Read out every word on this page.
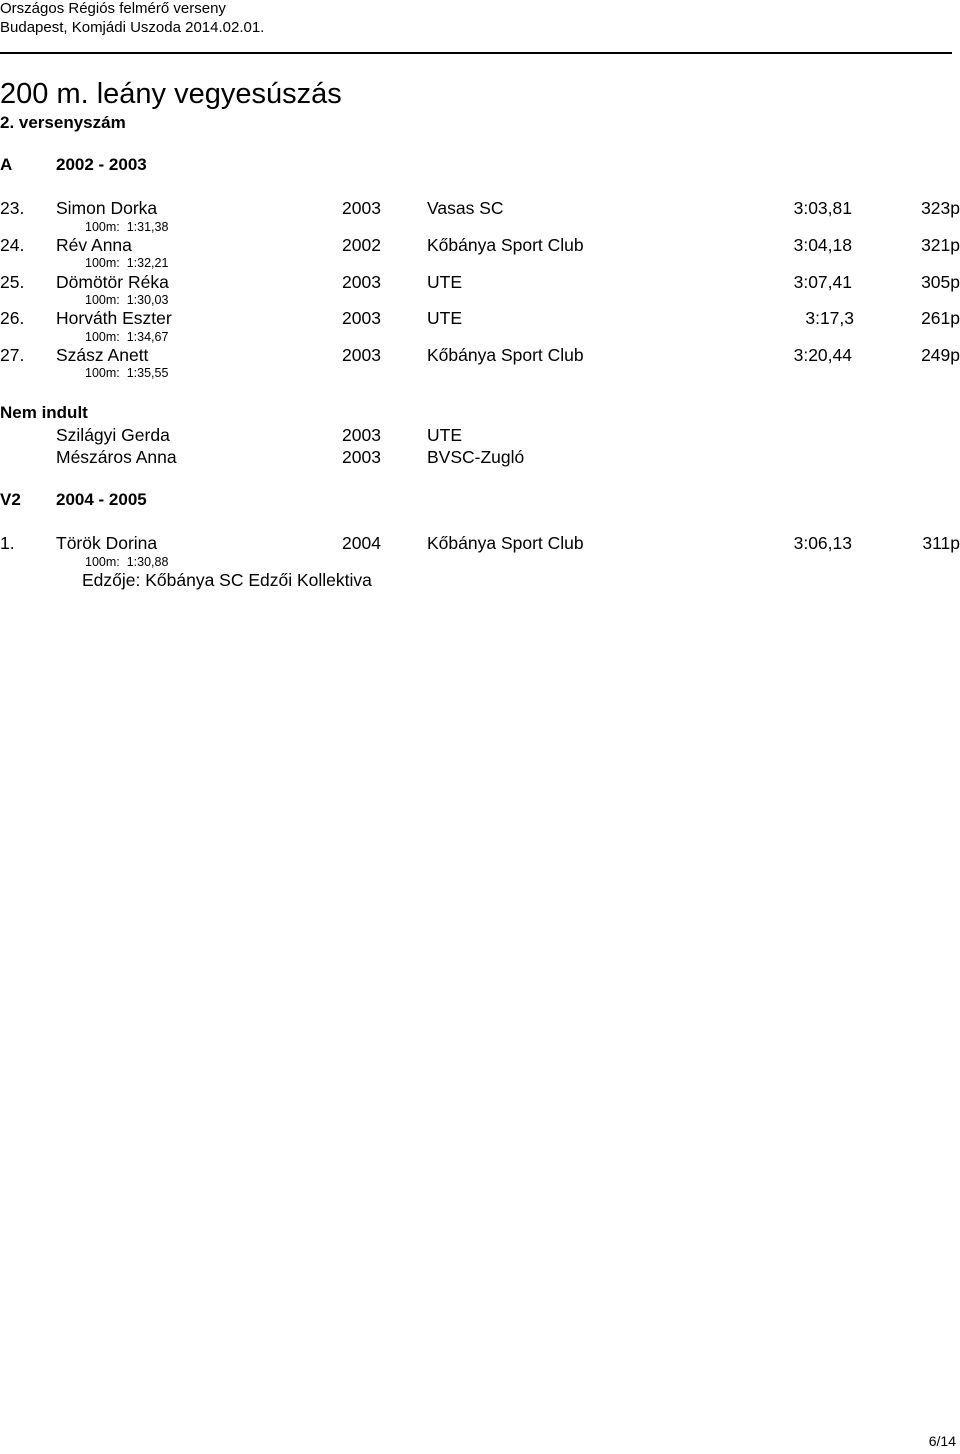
Országos Régiós felmérő verseny
Budapest, Komjádi Uszoda 2014.02.01.
200 m. leány vegyesúszás
2. versenyszám
A	2002 - 2003
23. Simon Dorka	2003	Vasas SC	3:03,81	323p
100m: 1:31,38
24. Rév Anna	2002	Kőbánya Sport Club	3:04,18	321p
100m: 1:32,21
25. Dömötör Réka	2003	UTE	3:07,41	305p
100m: 1:30,03
26. Horváth Eszter	2003	UTE	3:17,3	261p
100m: 1:34,67
27. Szász Anett	2003	Kőbánya Sport Club	3:20,44	249p
100m: 1:35,55
Nem indult
Szilágyi Gerda	2003	UTE
Mészáros Anna	2003	BVSC-Zugló
V2 2004 - 2005
1. Török Dorina	2004	Kőbánya Sport Club	3:06,13	311p
100m: 1:30,88
Edzője: Kőbánya SC Edzői Kollektiva
6/14
